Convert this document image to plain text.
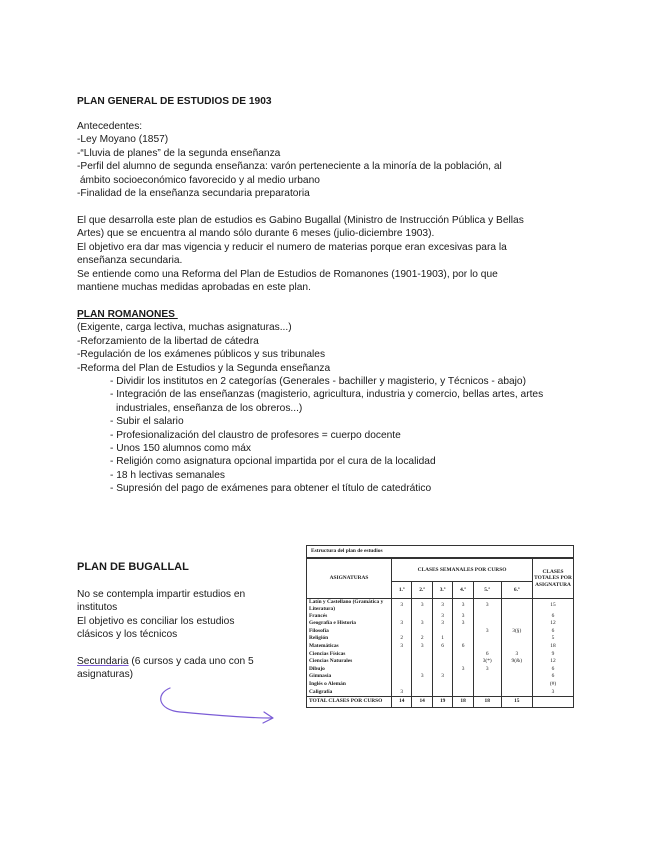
PLAN GENERAL DE ESTUDIOS DE 1903
Antecedentes:
-Ley Moyano (1857)
-“Lluvia de planes” de la segunda enseñanza
-Perfil del alumno de segunda enseñanza: varón perteneciente a la minoría de la población, al
ámbito socioeconómico favorecido y al medio urbano
-Finalidad de la enseñanza secundaria preparatoria
El que desarrolla este plan de estudios es Gabino Bugallal (Ministro de Instrucción Pública y Bellas
Artes) que se encuentra al mando sólo durante 6 meses (julio-diciembre 1903).
El objetivo era dar mas vigencia y reducir el numero de materias porque eran excesivas para la
enseñanza secundaria.
Se entiende como una Reforma del Plan de Estudios de Romanones (1901-1903), por lo que
mantiene muchas medidas aprobadas en este plan.
PLAN ROMANONES
(Exigente, carga lectiva, muchas asignaturas...)
-Reforzamiento de la libertad de cátedra
-Regulación de los exámenes públicos y sus tribunales
-Reforma del Plan de Estudios y la Segunda enseñanza
- Dividir los institutos en 2 categorías (Generales - bachiller y magisterio, y Técnicos - abajo)
- Integración de las enseñanzas (magisterio, agricultura, industria y comercio, bellas artes, artes industriales, enseñanza de los obreros...)
- Subir el salario
- Profesionalización del claustro de profesores = cuerpo docente
- Unos 150 alumnos como máx
- Religión como asignatura opcional impartida por el cura de la localidad
- 18 h lectivas semanales
- Supresión del pago de exámenes para obtener el título de catedrático
PLAN DE BUGALLAL
No se contempla impartir estudios en
institutos
El objetivo es conciliar los estudios
clásicos y los técnicos
Secundaria (6 cursos y cada uno con 5
asignaturas)
Estructura del plan de estudios							
ASIGNATURAS	CLASES SEMANALES POR CURSO						CLASES TOTALES POR ASIGNATURA
	1.º	2.º	3.º	4.º	5.º	6.º	
Latín y Castellano (Gramática y Literatura)	3	3	3	3	3		15
Francés			3	3			6
Geografía e Historia	3	3	3	3			12
Filosofía					3	3(§)	6
Religión	2	2	1				5
Matemáticas	3	3	6	6			18
Ciencias Físicas					6	3	9
Ciencias Naturales					3(*)	9(&)	12
Dibujo				3	3		6
Gimnasia		3	3				6
Inglés o Alemán							(#)
Caligrafía	3						3
TOTAL CLASES POR CURSO	14	14	19	18	18	15	
